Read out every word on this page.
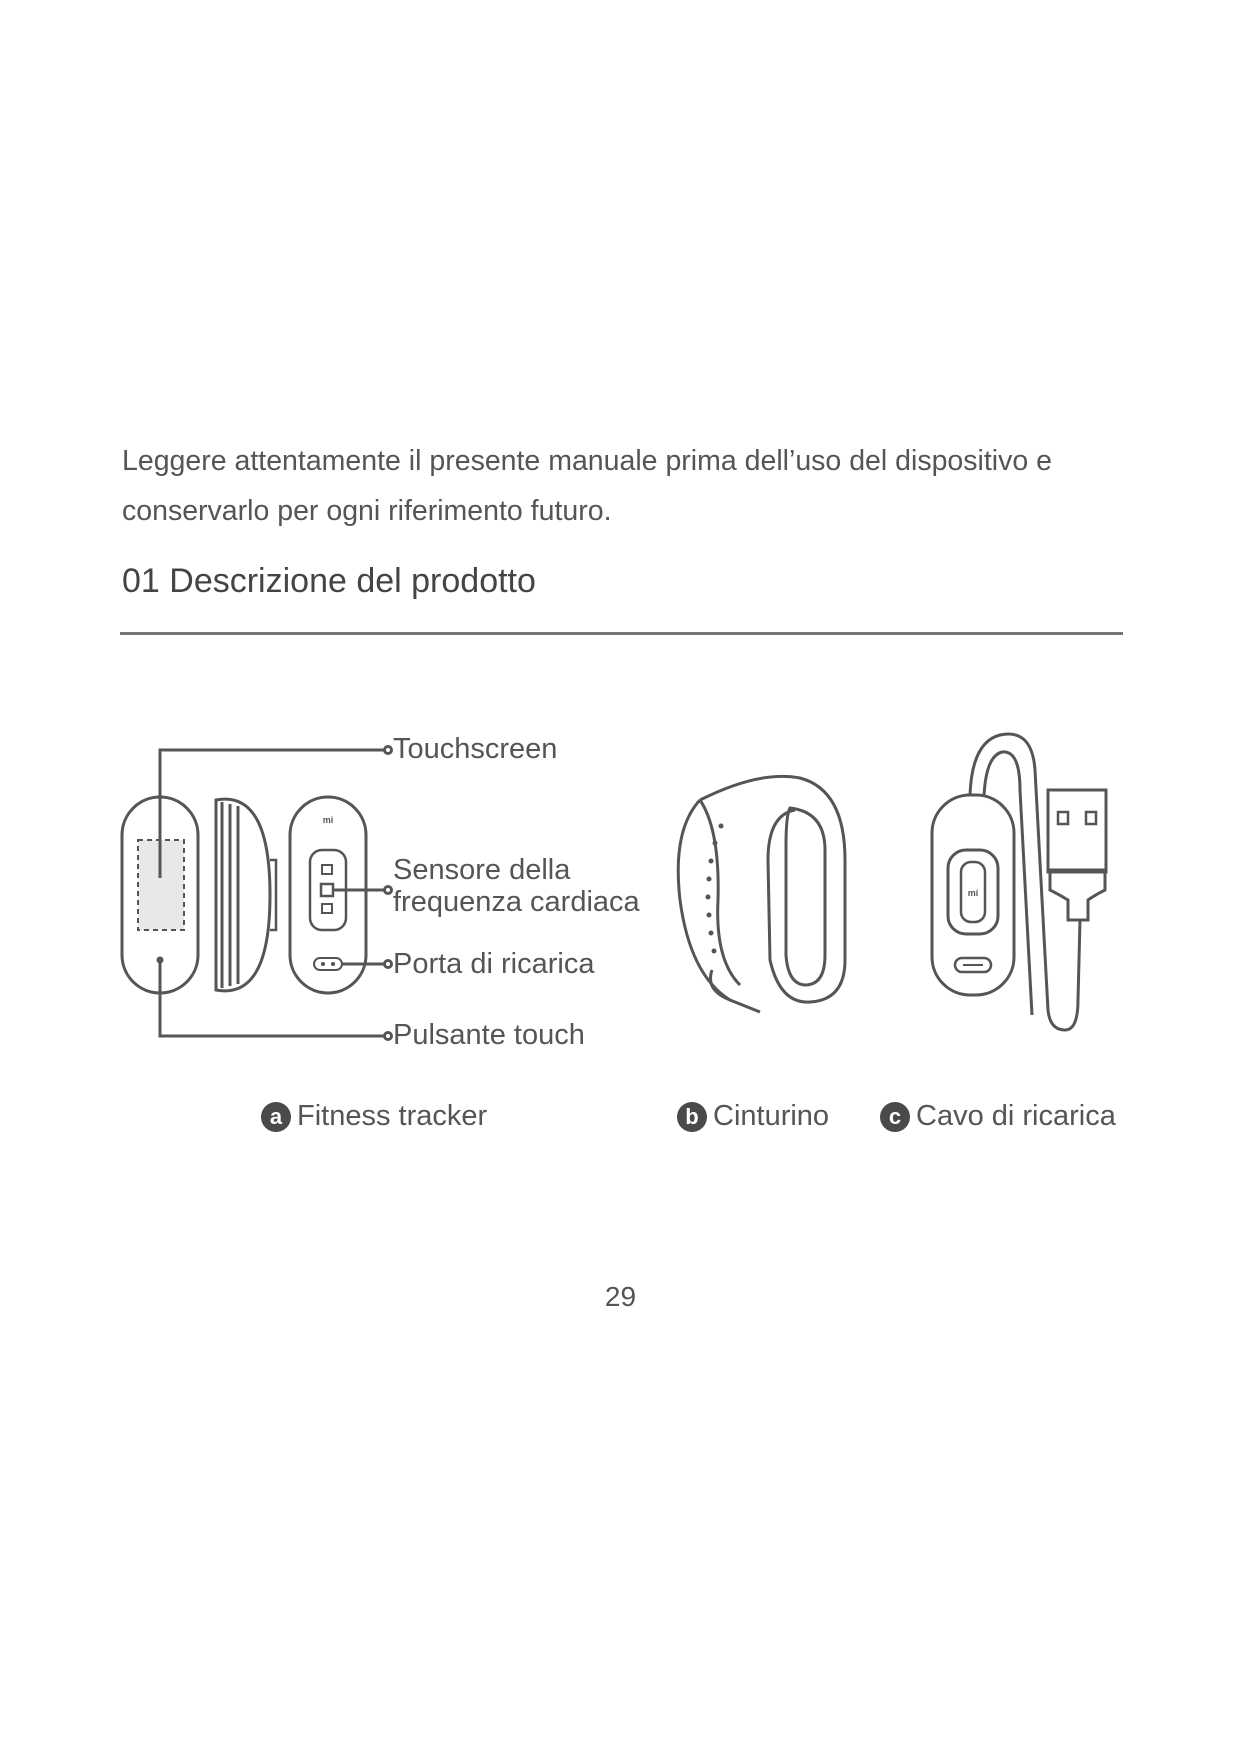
Leggere attentamente il presente manuale prima dell’uso del dispositivo e
conservarlo per ogni riferimento futuro.

01 Descrizione del prodotto
mi
mi
Touchscreen
Sensore della
frequenza cardiaca
Porta di ricarica
Pulsante touch
a Fitness tracker	b Cinturino	c Cavo di ricarica
29
